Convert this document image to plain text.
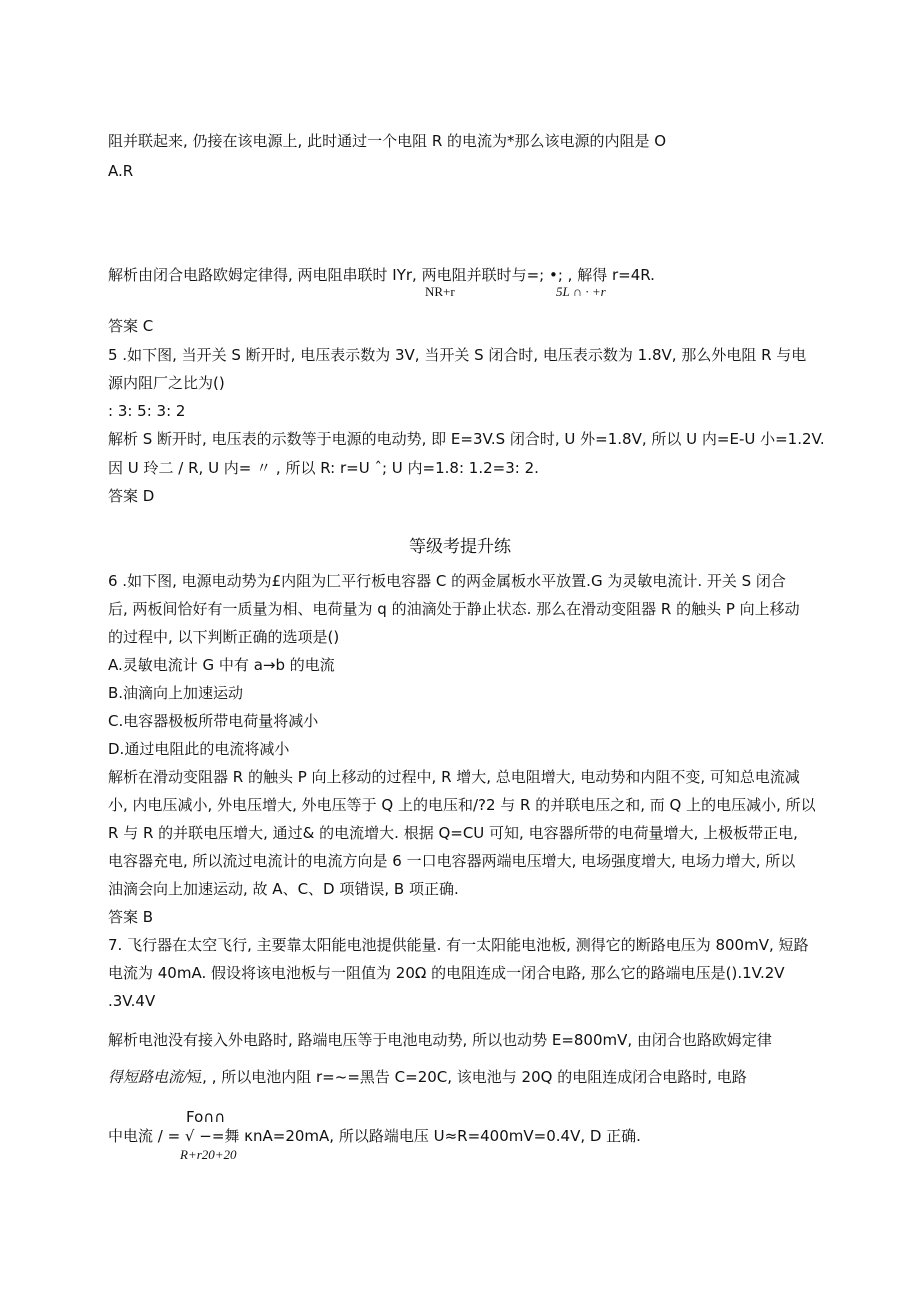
阻并联起来, 仍接在该电源上, 此时通过一个电阻 R 的电流为*那么该电源的内阻是 O
A.R
解析由闭合电路欧姆定律得, 两电阻串联时 IYr, 两电阻并联时与=; •; , 解得 r=4R.
NR+r	5L ∩ · +r
答案 C
5 .如下图, 当开关 S 断开时, 电压表示数为 3V, 当开关 S 闭合时, 电压表示数为 1.8V, 那么外电阻 R 与电
源内阻厂之比为()
: 3: 5: 3: 2
解析 S 断开时, 电压表的示数等于电源的电动势, 即 E=3V.S 闭合时, U 外=1.8V, 所以 U 内=E-U 小=1.2V.
因 U 玲二 / R, U 内= 〃 , 所以 R: r=U ˆ; U 内=1.8: 1.2=3: 2.
答案 D
等级考提升练
6 .如下图, 电源电动势为£内阻为匚平行板电容器 C 的两金属板水平放置.G 为灵敏电流计. 开关 S 闭合
后, 两板间恰好有一质量为相、电荷量为 q 的油滴处于静止状态. 那么在滑动变阻器 R 的触头 P 向上移动
的过程中, 以下判断正确的选项是()
A.灵敏电流计 G 中有 a→b 的电流
B.油滴向上加速运动
C.电容器极板所带电荷量将减小
D.通过电阻此的电流将减小
解析在滑动变阻器 R 的触头 P 向上移动的过程中, R 增大, 总电阻增大, 电动势和内阻不变, 可知总电流减
小, 内电压减小, 外电压增大, 外电压等于 Q 上的电压和/?2 与 R 的并联电压之和, 而 Q 上的电压减小, 所以
R 与 R 的并联电压增大, 通过& 的电流增大. 根据 Q=CU 可知, 电容器所带的电荷量增大, 上极板带正电,
电容器充电, 所以流过电流计的电流方向是 6 一口电容器两端电压增大, 电场强度增大, 电场力增大, 所以
油滴会向上加速运动, 故 A、C、D 项错误, B 项正确.
答案 B
7. 飞行器在太空飞行, 主要靠太阳能电池提供能量. 有一太阳能电池板, 测得它的断路电压为 800mV, 短路
电流为 40mA. 假设将该电池板与一阻值为 20Ω 的电阻连成一闭合电路, 那么它的路端电压是().1V.2V
.3V.4V
解析电池没有接入外电路时, 路端电压等于电池电动势, 所以也动势 E=800mV, 由闭合也路欧姆定律
得短路电流/短, , 所以电池内阻 r=~=黑告 C=20C, 该电池与 20Q 的电阻连成闭合电路时, 电路
Fo∩∩
中电流 / = √ −=舞 κnA=20mA, 所以路端电压 U≈R=400mV=0.4V, D 正确.
R+r20+20
